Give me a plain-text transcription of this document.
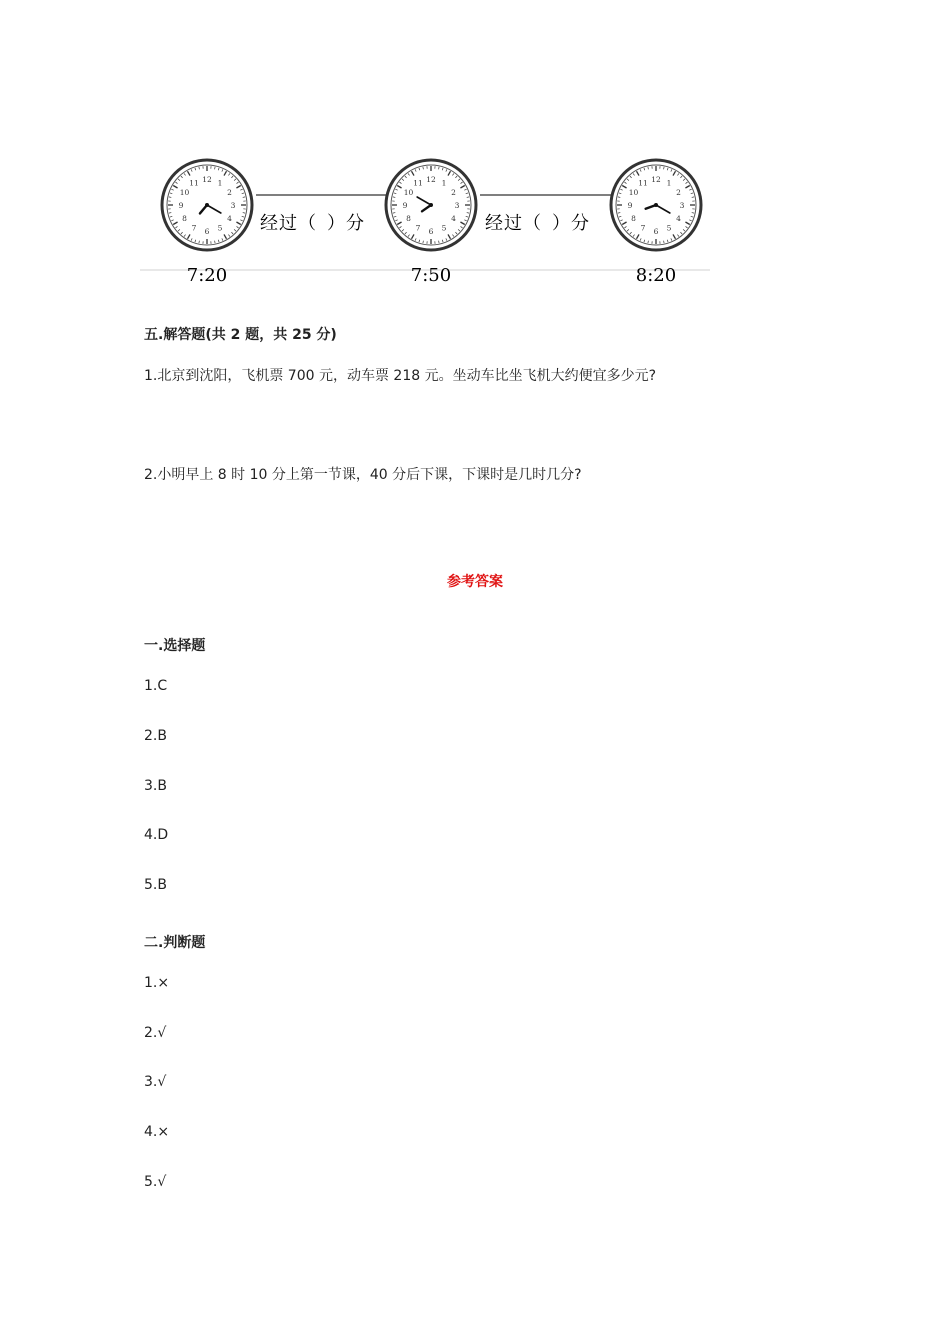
经过（ ）分	经过（ ）分
12 1
2
3
4
5
6
7
8
9
10
11	12 1
2
3
4
5
6
7
8
9
10
11	12 1
2
3
4
5
6
7
8
9
10
11
7:20	7:50	8:20
五.解答题(共 2 题，共 25 分)
1.北京到沈阳，飞机票 700 元，动车票 218 元。坐动车比坐飞机大约便宜多少元?
2.小明早上 8 时 10 分上第一节课，40 分后下课，下课时是几时几分?
参考答案
一.选择题
1.C
2.B
3.B
4.D
5.B
二.判断题
1.×
2.√
3.√
4.×
5.√
